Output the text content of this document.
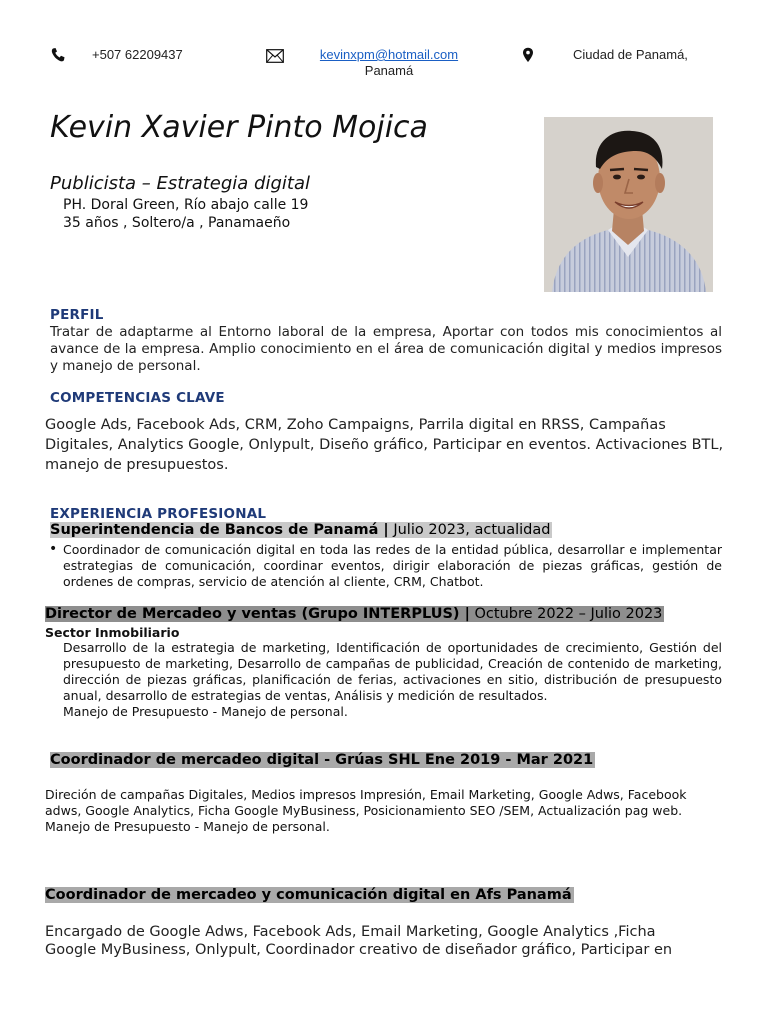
+507 62209437	kevinxpm@hotmail.com
Panamá
Ciudad de Panamá,
Kevin Xavier Pinto Mojica
Publicista – Estrategia digital
PH. Doral Green, Río abajo calle 19
35 años , Soltero/a , Panamaeño
PERFIL
Tratar de adaptarme al Entorno laboral de la empresa, Aportar con todos mis conocimientos al avance de la empresa. Amplio conocimiento en el área de comunicación digital y medios impresos y manejo de personal.
COMPETENCIAS CLAVE
Google Ads, Facebook Ads, CRM, Zoho Campaigns, Parrila digital en RRSS, Campañas Digitales, Analytics Google, Onlypult, Diseño gráfico, Participar en eventos. Activaciones BTL, manejo de presupuestos.
EXPERIENCIA PROFESIONAL
Superintendencia de Bancos de Panamá | Julio 2023, actualidad
• Coordinador de comunicación digital en toda las redes de la entidad pública, desarrollar e implementar estrategias de comunicación, coordinar eventos, dirigir elaboración de piezas gráficas, gestión de ordenes de compras, servicio de atención al cliente, CRM, Chatbot.
Director de Mercadeo y ventas (Grupo INTERPLUS) | Octubre 2022 – Julio 2023
Sector Inmobiliario
Desarrollo de la estrategia de marketing, Identificación de oportunidades de crecimiento, Gestión del presupuesto de marketing, Desarrollo de campañas de publicidad, Creación de contenido de marketing, dirección de piezas gráficas, planificación de ferias, activaciones en sitio, distribución de presupuesto anual, desarrollo de estrategias de ventas, Análisis y medición de resultados.
Manejo de Presupuesto - Manejo de personal.
Coordinador de mercadeo digital - Grúas SHL Ene 2019 - Mar 2021
Direción de campañas Digitales, Medios impresos Impresión, Email Marketing, Google Adws, Facebook adws, Google Analytics, Ficha Google MyBusiness, Posicionamiento SEO /SEM, Actualización pag web. Manejo de Presupuesto - Manejo de personal.
Coordinador de mercadeo y comunicación digital en Afs Panamá
Encargado de Google Adws, Facebook Ads, Email Marketing, Google Analytics ,Ficha Google MyBusiness, Onlypult, Coordinador creativo de diseñador gráfico, Participar en
